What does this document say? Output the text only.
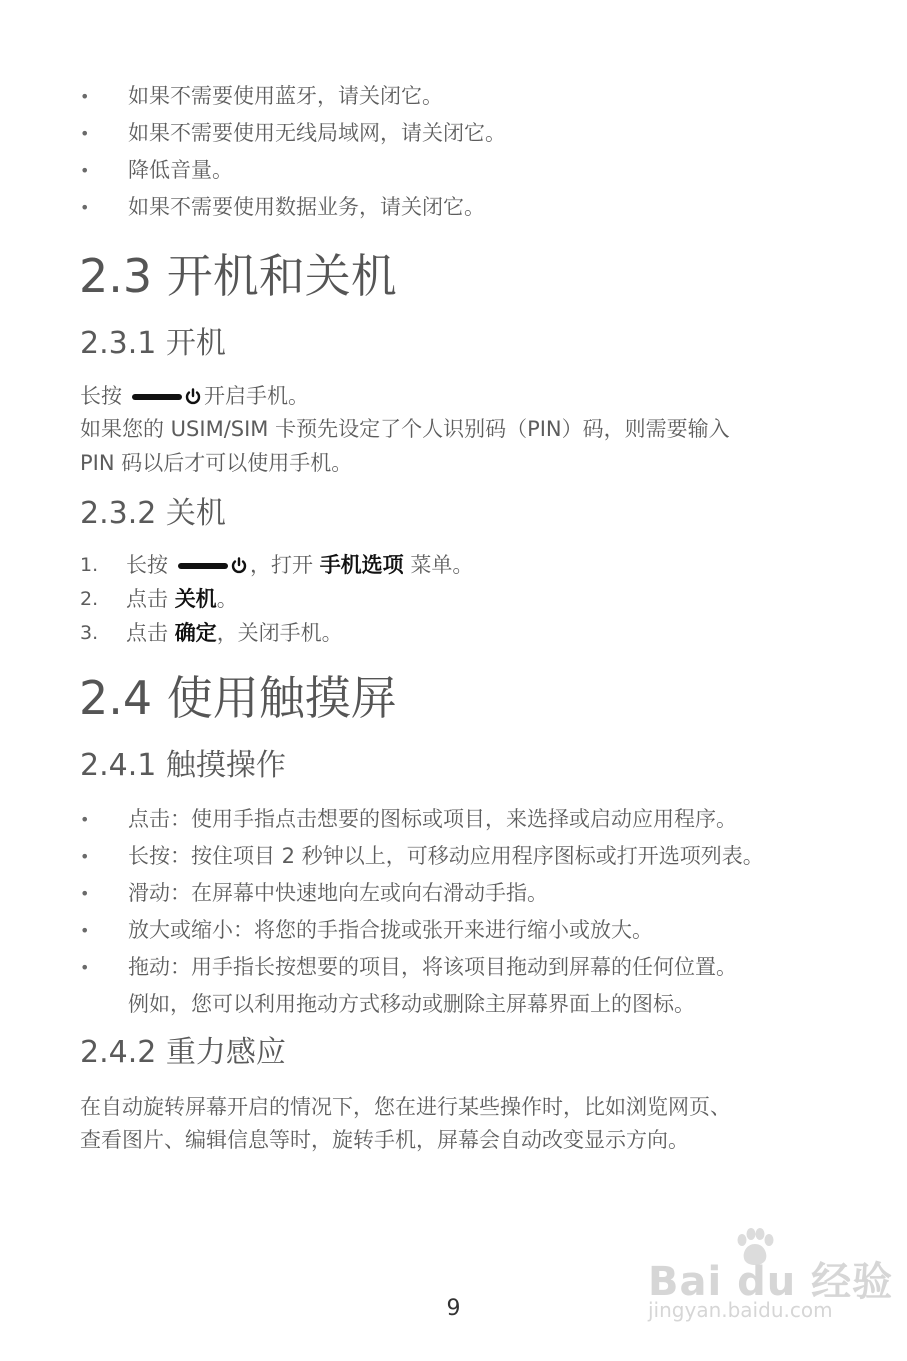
• 如果不需要使用蓝牙，请关闭它。
• 如果不需要使用无线局域网，请关闭它。
• 降低音量。
• 如果不需要使用数据业务，请关闭它。
2.3 开机和关机
2.3.1 开机

长按	开启手机。

如果您的 USIM/SIM 卡预先设定了个人识别码（PIN）码，则需要输入

PIN 码以后才可以使用手机。

2.3.2 关机
1. 长按	，打开 手机选项 菜单。
2. 点击 关机。
3. 点击 确定，关闭手机。
2.4 使用触摸屏
2.4.1 触摸操作
• 点击：使用手指点击想要的图标或项目，来选择或启动应用程序。
• 长按：按住项目 2 秒钟以上，可移动应用程序图标或打开选项列表。
• 滑动：在屏幕中快速地向左或向右滑动手指。
• 放大或缩小：将您的手指合拢或张开来进行缩小或放大。
• 拖动：用手指长按想要的项目，将该项目拖动到屏幕的任何位置。
例如，您可以利用拖动方式移动或删除主屏幕界面上的图标。
2.4.2 重力感应

在自动旋转屏幕开启的情况下，您在进行某些操作时，比如浏览网页、

查看图片、编辑信息等时，旋转手机，屏幕会自动改变显示方向。

Bai du 经验
jingyan.baidu.com
9
